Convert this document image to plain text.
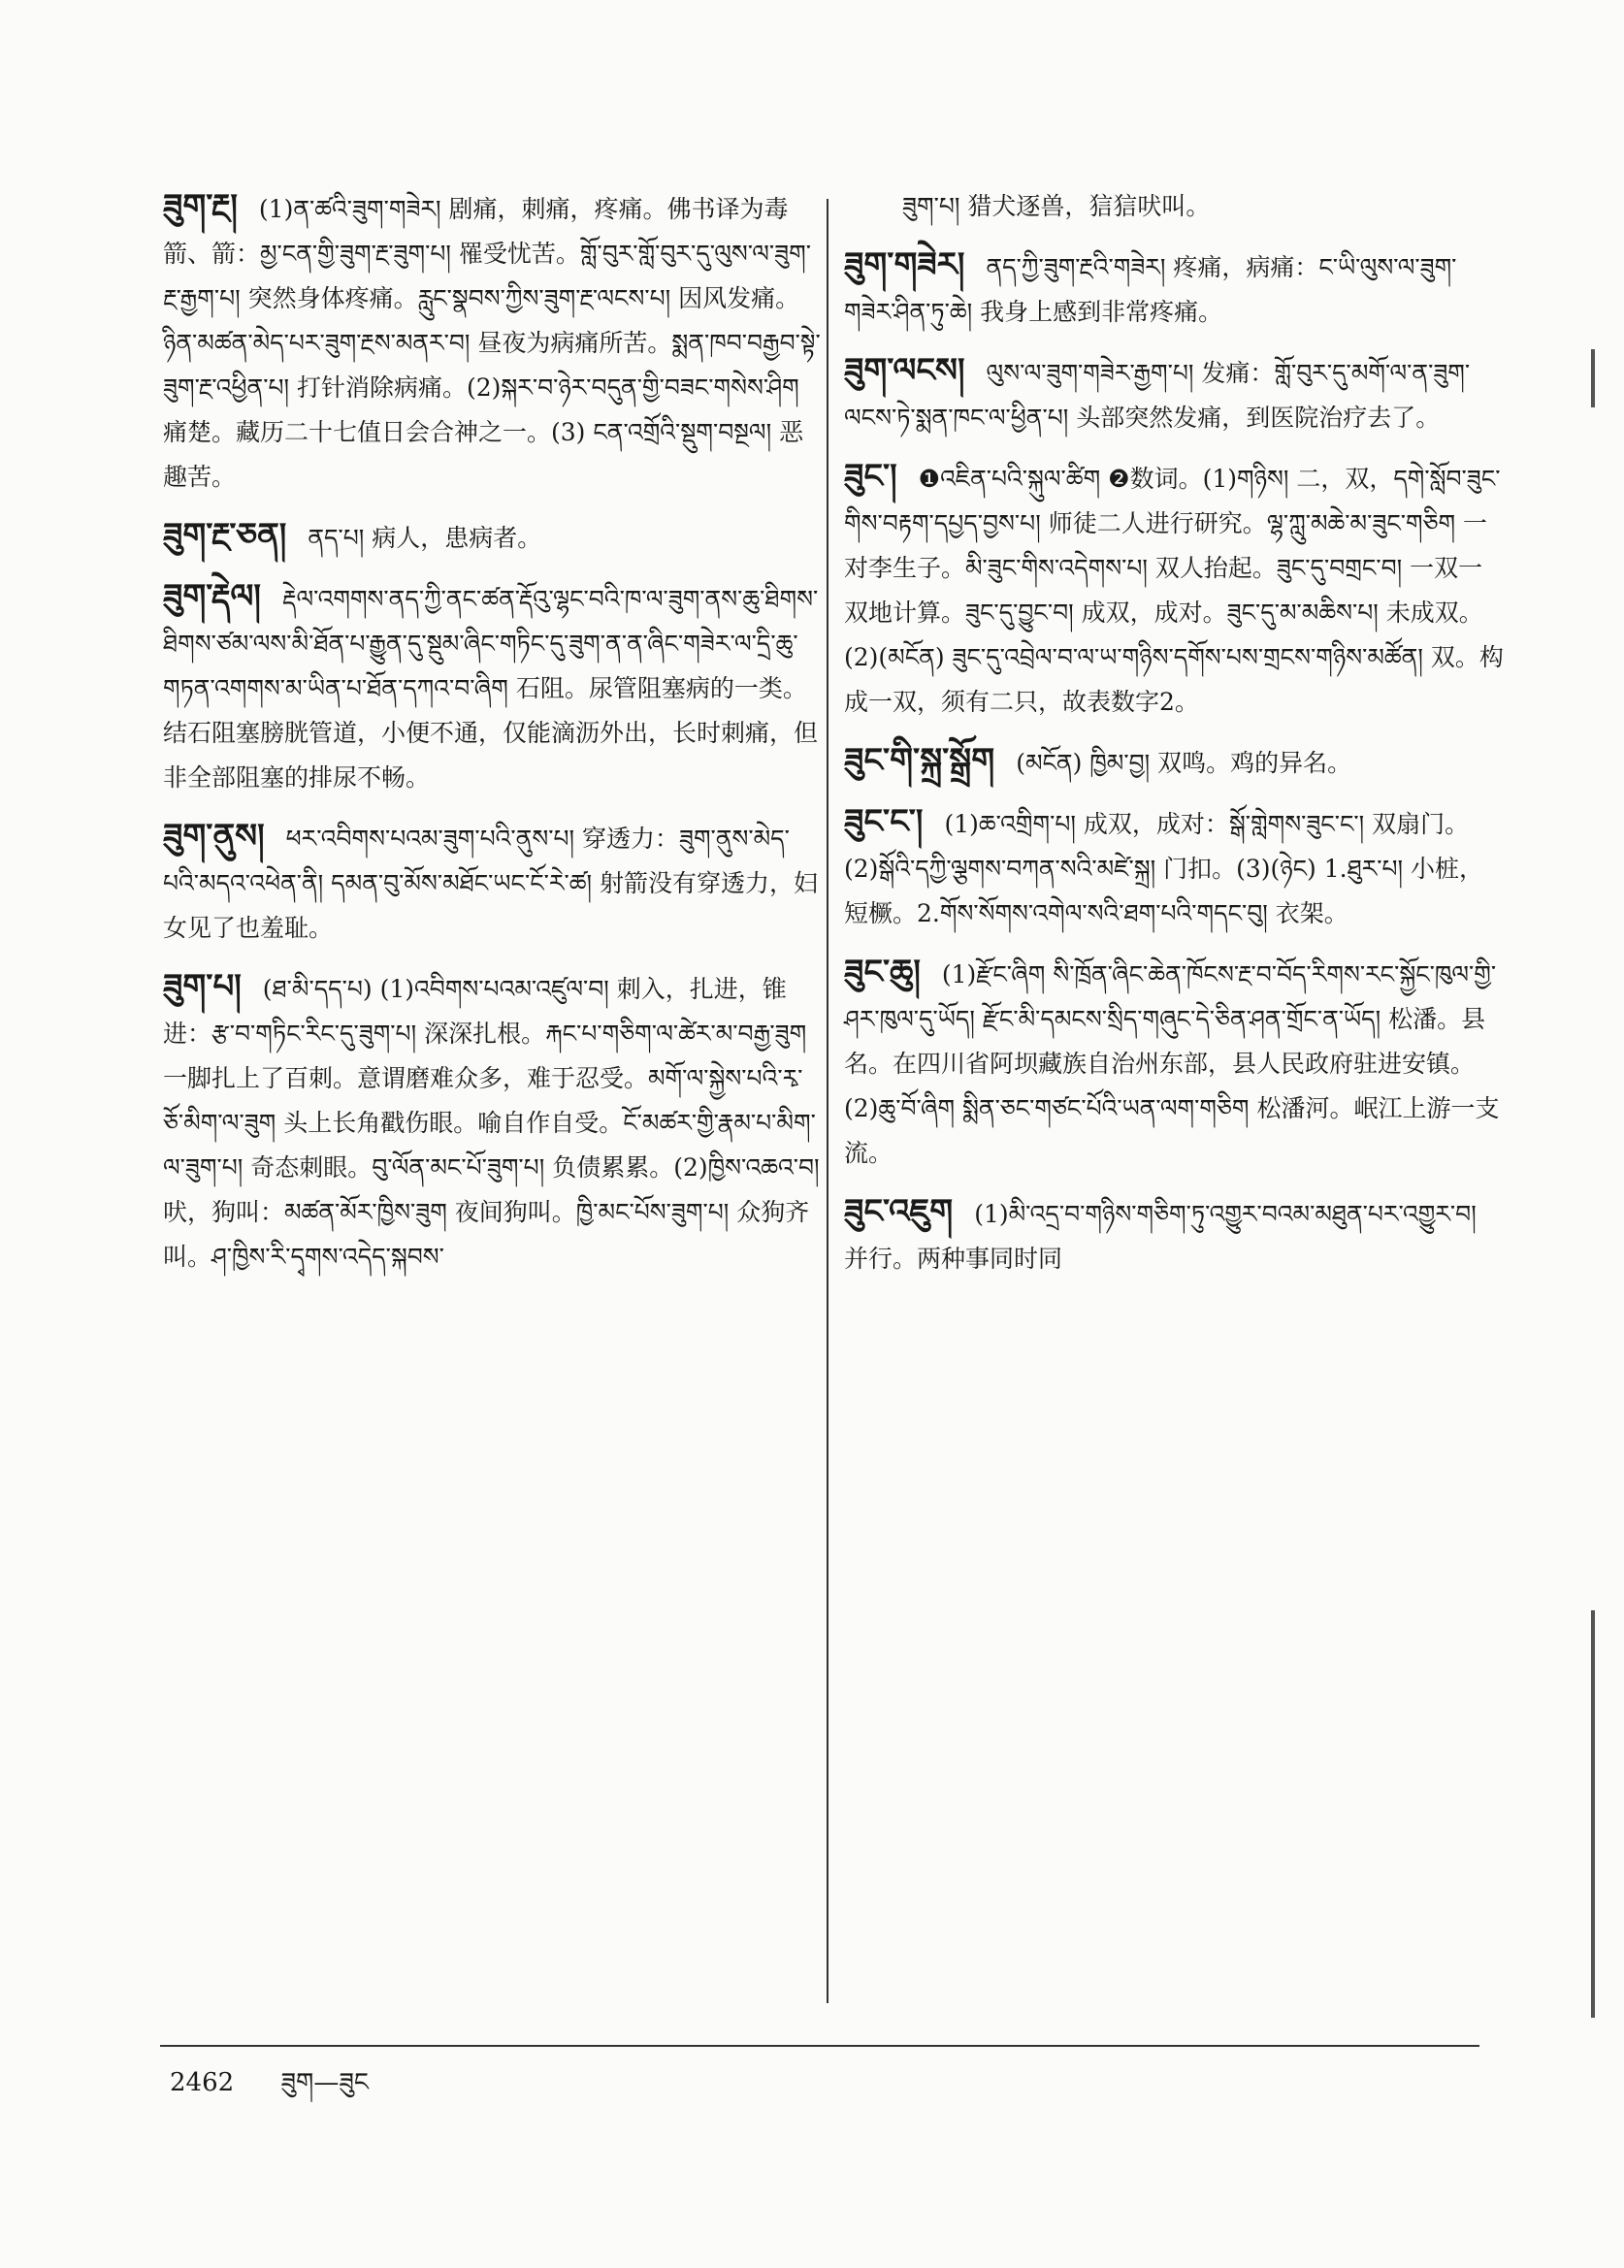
ཟུག་རྔ། (1)ན་ཚའི་ཟུག་གཟེར། 剧痛，刺痛，疼痛。佛书译为毒箭、箭：མྱ་ངན་གྱི་ཟུག་རྔ་ཟུག་པ། 罹受忧苦。གློ་བུར་གློ་བུར་དུ་ལུས་ལ་ཟུག་རྔ་རྒྱག་པ། 突然身体疼痛。རླུང་སྣབས་ཀྱིས་ཟུག་རྔ་ལངས་པ། 因风发痛。ཉིན་མཚན་མེད་པར་ཟུག་རྔས་མནར་བ། 昼夜为病痛所苦。སྨན་ཁབ་བརྒྱབ་སྟེ་ཟུག་རྔ་འཕྱིན་པ། 打针消除病痛。(2)སྐར་བ་ཉེར་བདུན་གྱི་བཟང་གསེས་ཤིག 痛楚。藏历二十七值日会合神之一。(3) ངན་འགྲོའི་སྡུག་བསྔལ། 恶趣苦。
ཟུག་རྔ་ཅན། ནད་པ། 病人，患病者。
ཟུག་རྡེལ། རྡེལ་འགགས་ནད་ཀྱི་ནང་ཚན་རྡོའུ་ལྷང་བའི་ཁ་ལ་ཟུག་ནས་ཆུ་ཐིགས་ཐིགས་ཙམ་ལས་མི་ཐོན་པ་རྒྱུན་དུ་སྡུམ་ཞིང་གཏིང་དུ་ཟུག་ན་ན་ཞིང་གཟེར་ལ་དྲི་ཆུ་གཏན་འགགས་མ་ཡིན་པ་ཐོན་དཀའ་བ་ཞིག 石阻。尿管阻塞病的一类。结石阻塞膀胱管道，小便不通，仅能滴沥外出，长时刺痛，但非全部阻塞的排尿不畅。
ཟུག་ནུས། ཕར་འབིགས་པའམ་ཟུག་པའི་ནུས་པ། 穿透力：ཟུག་ནུས་མེད་པའི་མདའ་འཕེན་ནི། དམན་བུ་མོས་མཐོང་ཡང་ངོ་རེ་ཚ། 射箭没有穿透力，妇女见了也羞耻。
ཟུག་པ། (ཐ་མི་དད་པ) (1)འབིགས་པའམ་འཛུལ་བ། 刺入，扎进，锥进：རྩ་བ་གཏིང་རིང་དུ་ཟུག་པ། 深深扎根。རྐང་པ་གཅིག་ལ་ཚེར་མ་བརྒྱ་ཟུག 一脚扎上了百刺。意谓磨难众多，难于忍受。མགོ་ལ་སྐྱེས་པའི་རྭ་ཅོ་མིག་ལ་ཟུག 头上长角戳伤眼。喻自作自受。ངོ་མཚར་གྱི་རྣམ་པ་མིག་ལ་ཟུག་པ། 奇态刺眼。བུ་ལོན་མང་པོ་ཟུག་པ། 负债累累。(2)ཁྱིས་འཆའ་བ། 吠，狗叫：མཚན་མོར་ཁྱིས་ཟུག 夜间狗叫。ཁྱི་མང་པོས་ཟུག་པ། 众狗齐叫。ཤ་ཁྱིས་རི་དྭགས་འདེད་སྐབས་
ཟུག་པ། 猎犬逐兽，狺狺吠叫。
ཟུག་གཟེར། ནད་ཀྱི་ཟུག་རྔའི་གཟེར། 疼痛，病痛：ང་ཡི་ལུས་ལ་ཟུག་གཟེར་ཤིན་ཏུ་ཆེ། 我身上感到非常疼痛。
ཟུག་ལངས། ལུས་ལ་ཟུག་གཟེར་རྒྱག་པ། 发痛：གློ་བུར་དུ་མགོ་ལ་ན་ཟུག་ལངས་ཏེ་སྨན་ཁང་ལ་ཕྱིན་པ། 头部突然发痛，到医院治疗去了。
ཟུང་། ❶འཇིན་པའི་སྐུལ་ཚིག ❷数词。(1)གཉིས། 二，双，དགེ་སློབ་ཟུང་གིས་བརྟག་དཔྱད་བྱས་པ། 师徒二人进行研究。ལྷ་ཀླུ་མཆེ་མ་ཟུང་གཅིག 一对李生子。མི་ཟུང་གིས་འདེགས་པ། 双人抬起。ཟུང་དུ་བགྲང་བ། 一双一双地计算。ཟུང་དུ་བྱུང་བ། 成双，成对。ཟུང་དུ་མ་མཆིས་པ། 未成双。(2)(མངོན) ཟུང་དུ་འབྲེལ་བ་ལ་ཡ་གཉིས་དགོས་པས་གྲངས་གཉིས་མཚོན། 双。构成一双，须有二只，故表数字2。
ཟུང་གི་སྐྲ་སྒྲོག (མངོན) ཁྱིམ་བྱ། 双鸣。鸡的异名。
ཟུང་ང་། (1)ཆ་འགྲིག་པ། 成双，成对：སྒོ་གླེགས་ཟུང་ང་། 双扇门。(2)སྒོའི་དཀྱི་ལྕགས་བཀན་སའི་མཛེ་སྐྲ། 门扣。(3)(ཉེང) 1.ཐུར་པ། 小桩，短橛。2.གོས་སོགས་འགེལ་སའི་ཐག་པའི་གདང་བུ། 衣架。
ཟུང་ཆུ། (1)རྫོང་ཞིག སི་ཁྲོན་ཞིང་ཆེན་ཁོངས་རྔ་བ་བོད་རིགས་རང་སྐྱོང་ཁུལ་གྱི་ཤར་ཁུལ་དུ་ཡོད། རྫོང་མི་དམངས་སྲིད་གཞུང་དེ་ཅིན་ཤན་གྲོང་ན་ཡོད། 松潘。县名。在四川省阿坝藏族自治州东部，县人民政府驻进安镇。(2)ཆུ་བོ་ཞིག སྨིན་ཅང་གཙང་པོའི་ཡན་ལག་གཅིག 松潘河。岷江上游一支流。
ཟུང་འཇུག (1)མི་འདྲ་བ་གཉིས་གཅིག་ཏུ་འགྱུར་བའམ་མཐུན་པར་འགྱུར་བ། 并行。两种事同时同
2462 ཟུག—ཟུང
